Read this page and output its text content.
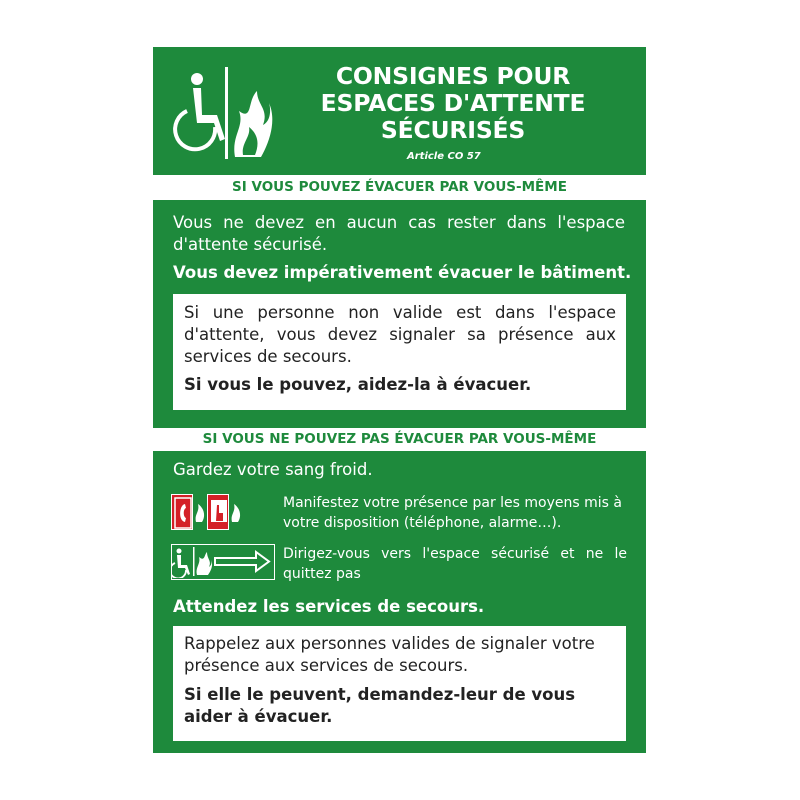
CONSIGNES POUR
ESPACES D'ATTENTE
SÉCURISÉS
Article CO 57
SI VOUS POUVEZ ÉVACUER PAR VOUS-MÊME
Vous ne devez en aucun cas rester dans l'espace d'attente sécurisé.
Vous devez impérativement évacuer le bâtiment.
Si une personne non valide est dans l'espace d'attente, vous devez signaler sa présence aux services de secours.
Si vous le pouvez, aidez-la à évacuer.
SI VOUS NE POUVEZ PAS ÉVACUER PAR VOUS-MÊME
Gardez votre sang froid.
Manifestez votre présence par les moyens mis à votre disposition (téléphone, alarme…).
Dirigez-vous vers l'espace sécurisé et ne le quittez pas
Attendez les services de secours.
Rappelez aux personnes valides de signaler votre présence aux services de secours.
Si elle le peuvent, demandez-leur de vous aider à évacuer.
